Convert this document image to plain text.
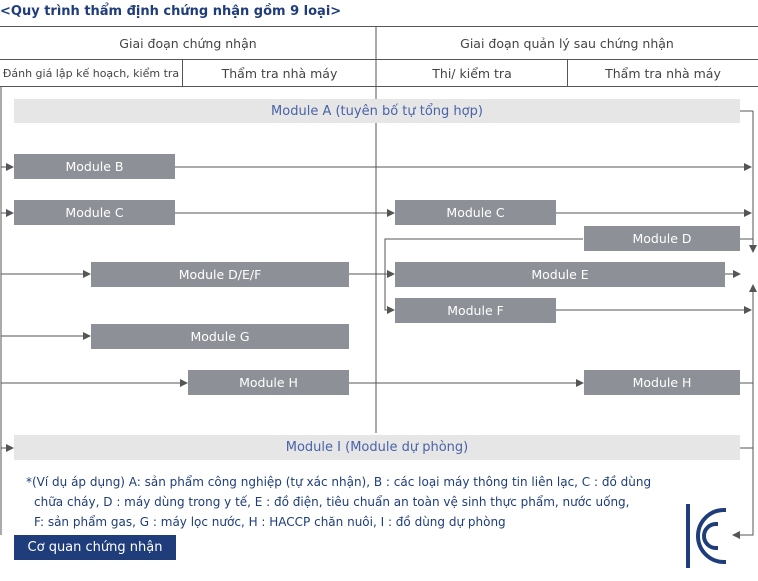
<Quy trình thẩm định chứng nhận gồm 9 loại>
Giai đoạn chứng nhận	Giai đoạn quản lý sau chứng nhận
Đánh giá lập kế hoạch, kiểm tra	Thẩm tra nhà máy	Thi/ kiểm tra	Thẩm tra nhà máy
Module A (tuyên bố tự tổng hợp)
Module B
Module C	Module C
Module D
Module D/E/F	Module E
Module F
Module G
Module H	Module H
Module I (Module dự phòng)
*(Ví dụ áp dụng) A: sản phẩm công nghiệp (tự xác nhận), B : các loại máy thông tin liên lạc, C : đồ dùng
chữa cháy, D : máy dùng trong y tế, E : đồ điện, tiêu chuẩn an toàn vệ sinh thực phẩm, nước uống,
F: sản phẩm gas, G : máy lọc nước, H : HACCP chăn nuôi, I : đồ dùng dự phòng
Cơ quan chứng nhận
